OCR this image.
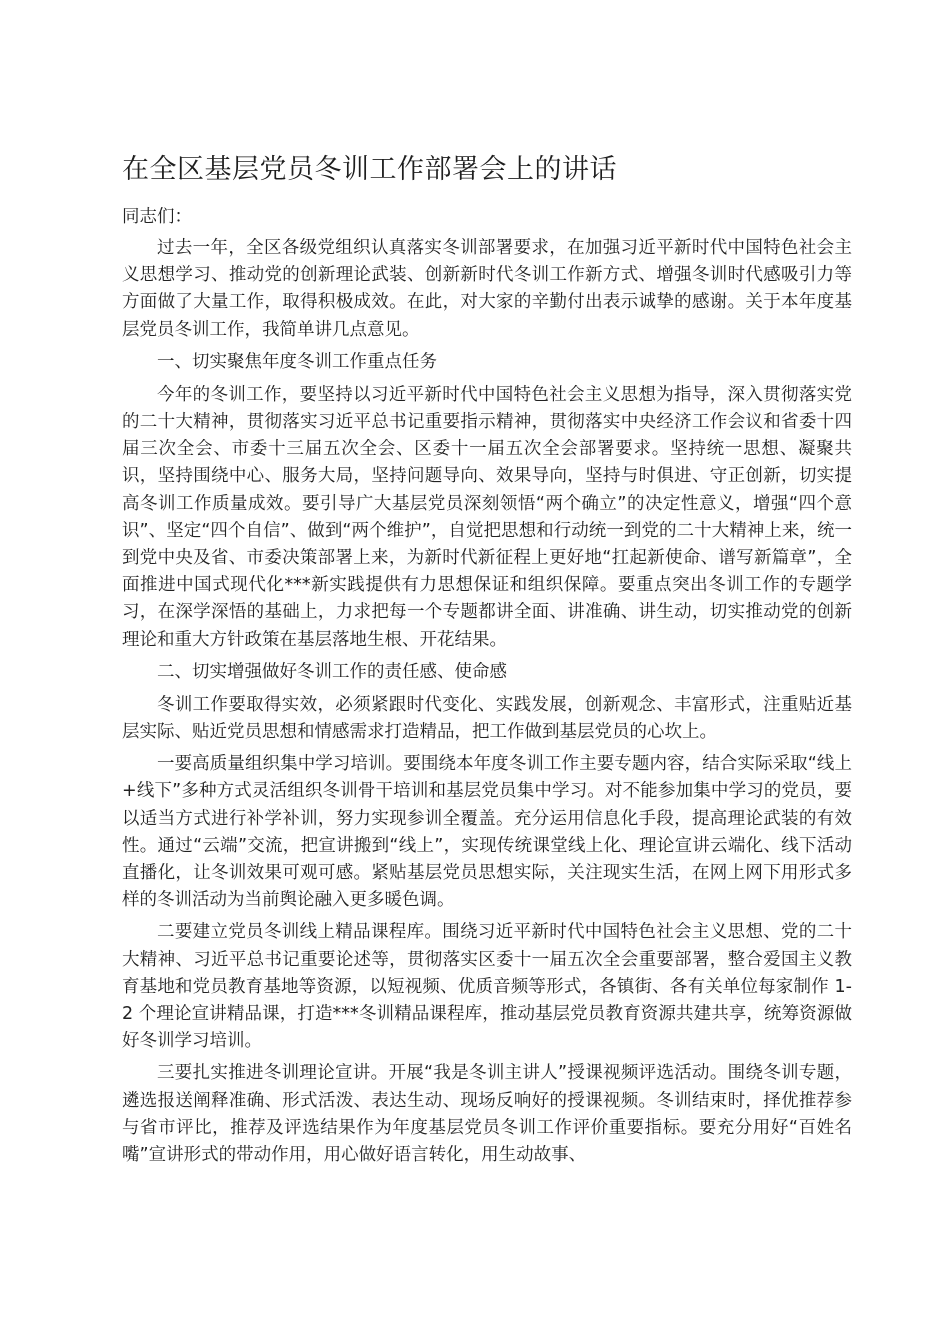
在全区基层党员冬训工作部署会上的讲话

同志们：

过去一年，全区各级党组织认真落实冬训部署要求，在加强习近平新时代中国特色社会主义思想学习、推动党的创新理论武装、创新新时代冬训工作新方式、增强冬训时代感吸引力等方面做了大量工作，取得积极成效。在此，对大家的辛勤付出表示诚挚的感谢。关于本年度基层党员冬训工作，我简单讲几点意见。

一、切实聚焦年度冬训工作重点任务

今年的冬训工作，要坚持以习近平新时代中国特色社会主义思想为指导，深入贯彻落实党的二十大精神，贯彻落实习近平总书记重要指示精神，贯彻落实中央经济工作会议和省委十四届三次全会、市委十三届五次全会、区委十一届五次全会部署要求。坚持统一思想、凝聚共识，坚持围绕中心、服务大局，坚持问题导向、效果导向，坚持与时俱进、守正创新，切实提高冬训工作质量成效。要引导广大基层党员深刻领悟“两个确立”的决定性意义，增强“四个意识”、坚定“四个自信”、做到“两个维护”，自觉把思想和行动统一到党的二十大精神上来，统一到党中央及省、市委决策部署上来，为新时代新征程上更好地“扛起新使命、谱写新篇章”，全面推进中国式现代化***新实践提供有力思想保证和组织保障。要重点突出冬训工作的专题学习，在深学深悟的基础上，力求把每一个专题都讲全面、讲准确、讲生动，切实推动党的创新理论和重大方针政策在基层落地生根、开花结果。

二、切实增强做好冬训工作的责任感、使命感

冬训工作要取得实效，必须紧跟时代变化、实践发展，创新观念、丰富形式，注重贴近基层实际、贴近党员思想和情感需求打造精品，把工作做到基层党员的心坎上。

一要高质量组织集中学习培训。要围绕本年度冬训工作主要专题内容，结合实际采取“线上+线下”多种方式灵活组织冬训骨干培训和基层党员集中学习。对不能参加集中学习的党员，要以适当方式进行补学补训，努力实现参训全覆盖。充分运用信息化手段，提高理论武装的有效性。通过“云端”交流，把宣讲搬到“线上”，实现传统课堂线上化、理论宣讲云端化、线下活动直播化，让冬训效果可观可感。紧贴基层党员思想实际，关注现实生活，在网上网下用形式多样的冬训活动为当前舆论融入更多暖色调。

二要建立党员冬训线上精品课程库。围绕习近平新时代中国特色社会主义思想、党的二十大精神、习近平总书记重要论述等，贯彻落实区委十一届五次全会重要部署，整合爱国主义教育基地和党员教育基地等资源，以短视频、优质音频等形式，各镇街、各有关单位每家制作 1-2 个理论宣讲精品课，打造***冬训精品课程库，推动基层党员教育资源共建共享，统筹资源做好冬训学习培训。

三要扎实推进冬训理论宣讲。开展“我是冬训主讲人”授课视频评选活动。围绕冬训专题，遴选报送阐释准确、形式活泼、表达生动、现场反响好的授课视频。冬训结束时，择优推荐参与省市评比，推荐及评选结果作为年度基层党员冬训工作评价重要指标。要充分用好“百姓名嘴”宣讲形式的带动作用，用心做好语言转化，用生动故事、
